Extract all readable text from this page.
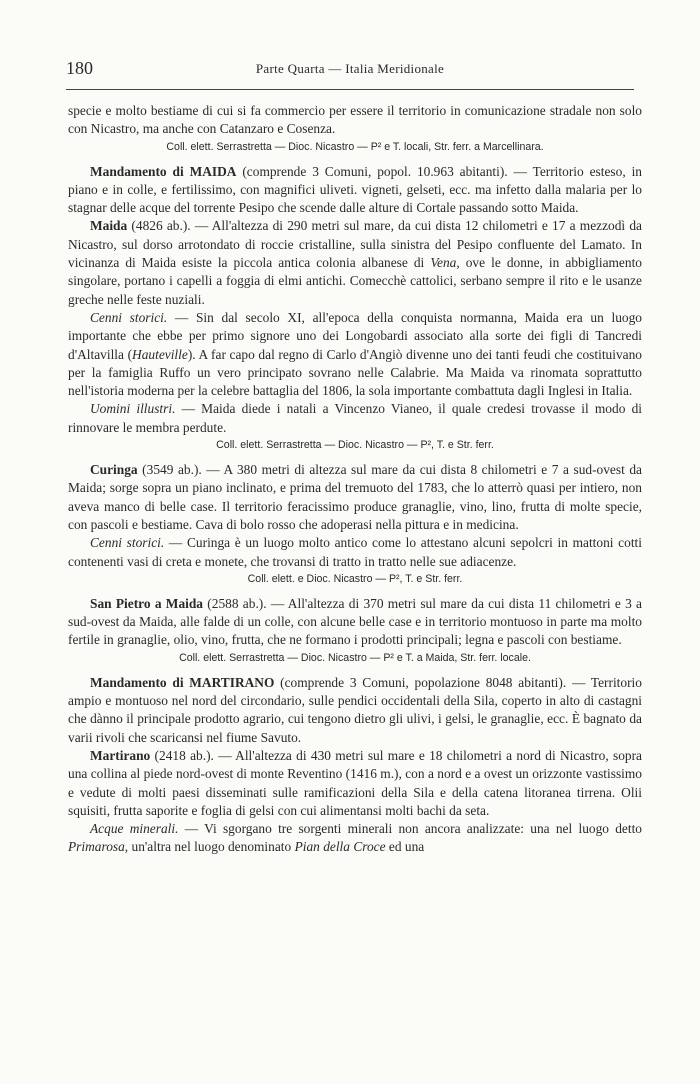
180	Parte Quarta — Italia Meridionale

specie e molto bestiame di cui si fa commercio per essere il territorio in comunicazione stradale non solo con Nicastro, ma anche con Catanzaro e Cosenza.

Coll. elett. Serrastretta — Dioc. Nicastro — P² e T. locali, Str. ferr. a Marcellinara.

Mandamento di MAIDA (comprende 3 Comuni, popol. 10.963 abitanti). — Territorio esteso, in piano e in colle, e fertilissimo, con magnifici uliveti. vigneti, gelseti, ecc. ma infetto dalla malaria per lo stagnar delle acque del torrente Pesipo che scende dalle alture di Cortale passando sotto Maida.

Maida (4826 ab.). — All'altezza di 290 metri sul mare, da cui dista 12 chilometri e 17 a mezzodì da Nicastro, sul dorso arrotondato di roccie cristalline, sulla sinistra del Pesipo confluente del Lamato. In vicinanza di Maida esiste la piccola antica colonia albanese di Vena, ove le donne, in abbigliamento singolare, portano i capelli a foggia di elmi antichi. Comecchè cattolici, serbano sempre il rito e le usanze greche nelle feste nuziali.

Cenni storici. — Sin dal secolo XI, all'epoca della conquista normanna, Maida era un luogo importante che ebbe per primo signore uno dei Longobardi associato alla sorte dei figli di Tancredi d'Altavilla (Hauteville). A far capo dal regno di Carlo d'Angiò divenne uno dei tanti feudi che costituivano per la famiglia Ruffo un vero principato sovrano nelle Calabrie. Ma Maida va rinomata soprattutto nell'istoria moderna per la celebre battaglia del 1806, la sola importante combattuta dagli Inglesi in Italia.

Uomini illustri. — Maida diede i natali a Vincenzo Vianeo, il quale credesi trovasse il modo di rinnovare le membra perdute.

Coll. elett. Serrastretta — Dioc. Nicastro — P², T. e Str. ferr.

Curinga (3549 ab.). — A 380 metri di altezza sul mare da cui dista 8 chilometri e 7 a sud-ovest da Maida; sorge sopra un piano inclinato, e prima del tremuoto del 1783, che lo atterrò quasi per intiero, non aveva manco di belle case. Il territorio feracissimo produce granaglie, vino, lino, frutta di molte specie, con pascoli e bestiame. Cava di bolo rosso che adoperasi nella pittura e in medicina.

Cenni storici. — Curinga è un luogo molto antico come lo attestano alcuni sepolcri in mattoni cotti contenenti vasi di creta e monete, che trovansi di tratto in tratto nelle sue adiacenze.

Coll. elett. e Dioc. Nicastro — P², T. e Str. ferr.

San Pietro a Maida (2588 ab.). — All'altezza di 370 metri sul mare da cui dista 11 chilometri e 3 a sud-ovest da Maida, alle falde di un colle, con alcune belle case e in territorio montuoso in parte ma molto fertile in granaglie, olio, vino, frutta, che ne formano i prodotti principali; legna e pascoli con bestiame.

Coll. elett. Serrastretta — Dioc. Nicastro — P² e T. a Maida, Str. ferr. locale.

Mandamento di MARTIRANO (comprende 3 Comuni, popolazione 8048 abitanti). — Territorio ampio e montuoso nel nord del circondario, sulle pendici occidentali della Sila, coperto in alto di castagni che dànno il principale prodotto agrario, cui tengono dietro gli ulivi, i gelsi, le granaglie, ecc. È bagnato da varii rivoli che scaricansi nel fiume Savuto.

Martirano (2418 ab.). — All'altezza di 430 metri sul mare e 18 chilometri a nord di Nicastro, sopra una collina al piede nord-ovest di monte Reventino (1416 m.), con a nord e a ovest un orizzonte vastissimo e vedute di molti paesi disseminati sulle ramificazioni della Sila e della catena litoranea tirrena. Olii squisiti, frutta saporite e foglia di gelsi con cui alimentansi molti bachi da seta.

Acque minerali. — Vi sgorgano tre sorgenti minerali non ancora analizzate: una nel luogo detto Primarosa, un'altra nel luogo denominato Pian della Croce ed una
